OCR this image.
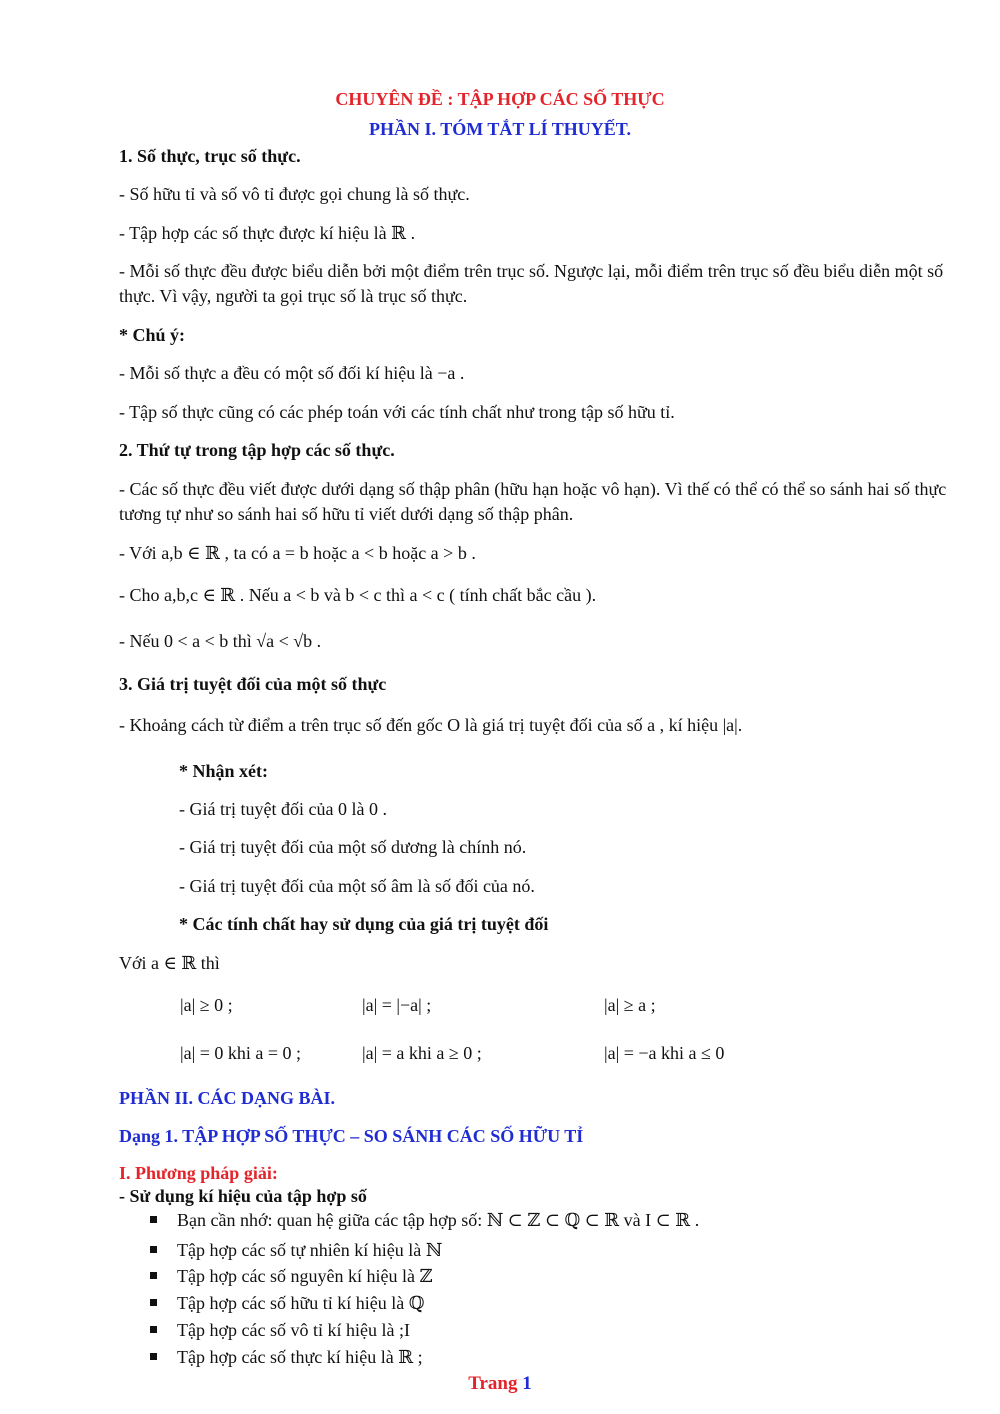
CHUYÊN ĐỀ : TẬP HỢP CÁC SỐ THỰC
PHẦN I. TÓM TẮT LÍ THUYẾT.
1. Số thực, trục số thực.
- Số hữu tỉ và số vô tỉ được gọi chung là số thực.
- Tập hợp các số thực được kí hiệu là ℝ .
- Mỗi số thực đều được biểu diễn bởi một điểm trên trục số. Ngược lại, mỗi điểm trên trục số đều biểu diễn một số thực. Vì vậy, người ta gọi trục số là trục số thực.
* Chú ý:
- Mỗi số thực a đều có một số đối kí hiệu là −a .
- Tập số thực cũng có các phép toán với các tính chất như trong tập số hữu tỉ.
2. Thứ tự trong tập hợp các số thực.
- Các số thực đều viết được dưới dạng số thập phân (hữu hạn hoặc vô hạn). Vì thế có thể có thể so sánh hai số thực tương tự như so sánh hai số hữu tỉ viết dưới dạng số thập phân.
- Với a,b ∈ ℝ , ta có a = b hoặc a < b hoặc a > b .
- Cho a,b,c ∈ ℝ . Nếu a < b và b < c thì a < c ( tính chất bắc cầu ).
- Nếu 0 < a < b thì √a < √b .
3. Giá trị tuyệt đối của một số thực
- Khoảng cách từ điểm a trên trục số đến gốc O là giá trị tuyệt đối của số a , kí hiệu |a|.
* Nhận xét:
- Giá trị tuyệt đối của 0 là 0 .
- Giá trị tuyệt đối của một số dương là chính nó.
- Giá trị tuyệt đối của một số âm là số đối của nó.
* Các tính chất hay sử dụng của giá trị tuyệt đối
Với a ∈ ℝ thì
|a| ≥ 0 ;	|a| = |−a| ;	|a| ≥ a ;
|a| = 0 khi a = 0 ;	|a| = a khi a ≥ 0 ;	|a| = −a khi a ≤ 0
PHẦN II. CÁC DẠNG BÀI.
Dạng 1. TẬP HỢP SỐ THỰC – SO SÁNH CÁC SỐ HỮU TỈ
I. Phương pháp giải:
- Sử dụng kí hiệu của tập hợp số
Bạn cần nhớ: quan hệ giữa các tập hợp số: ℕ ⊂ ℤ ⊂ ℚ ⊂ ℝ và I ⊂ ℝ .
Tập hợp các số tự nhiên kí hiệu là ℕ
Tập hợp các số nguyên kí hiệu là ℤ
Tập hợp các số hữu tỉ kí hiệu là ℚ
Tập hợp các số vô tỉ kí hiệu là ;I
Tập hợp các số thực kí hiệu là ℝ ;
Trang 1
